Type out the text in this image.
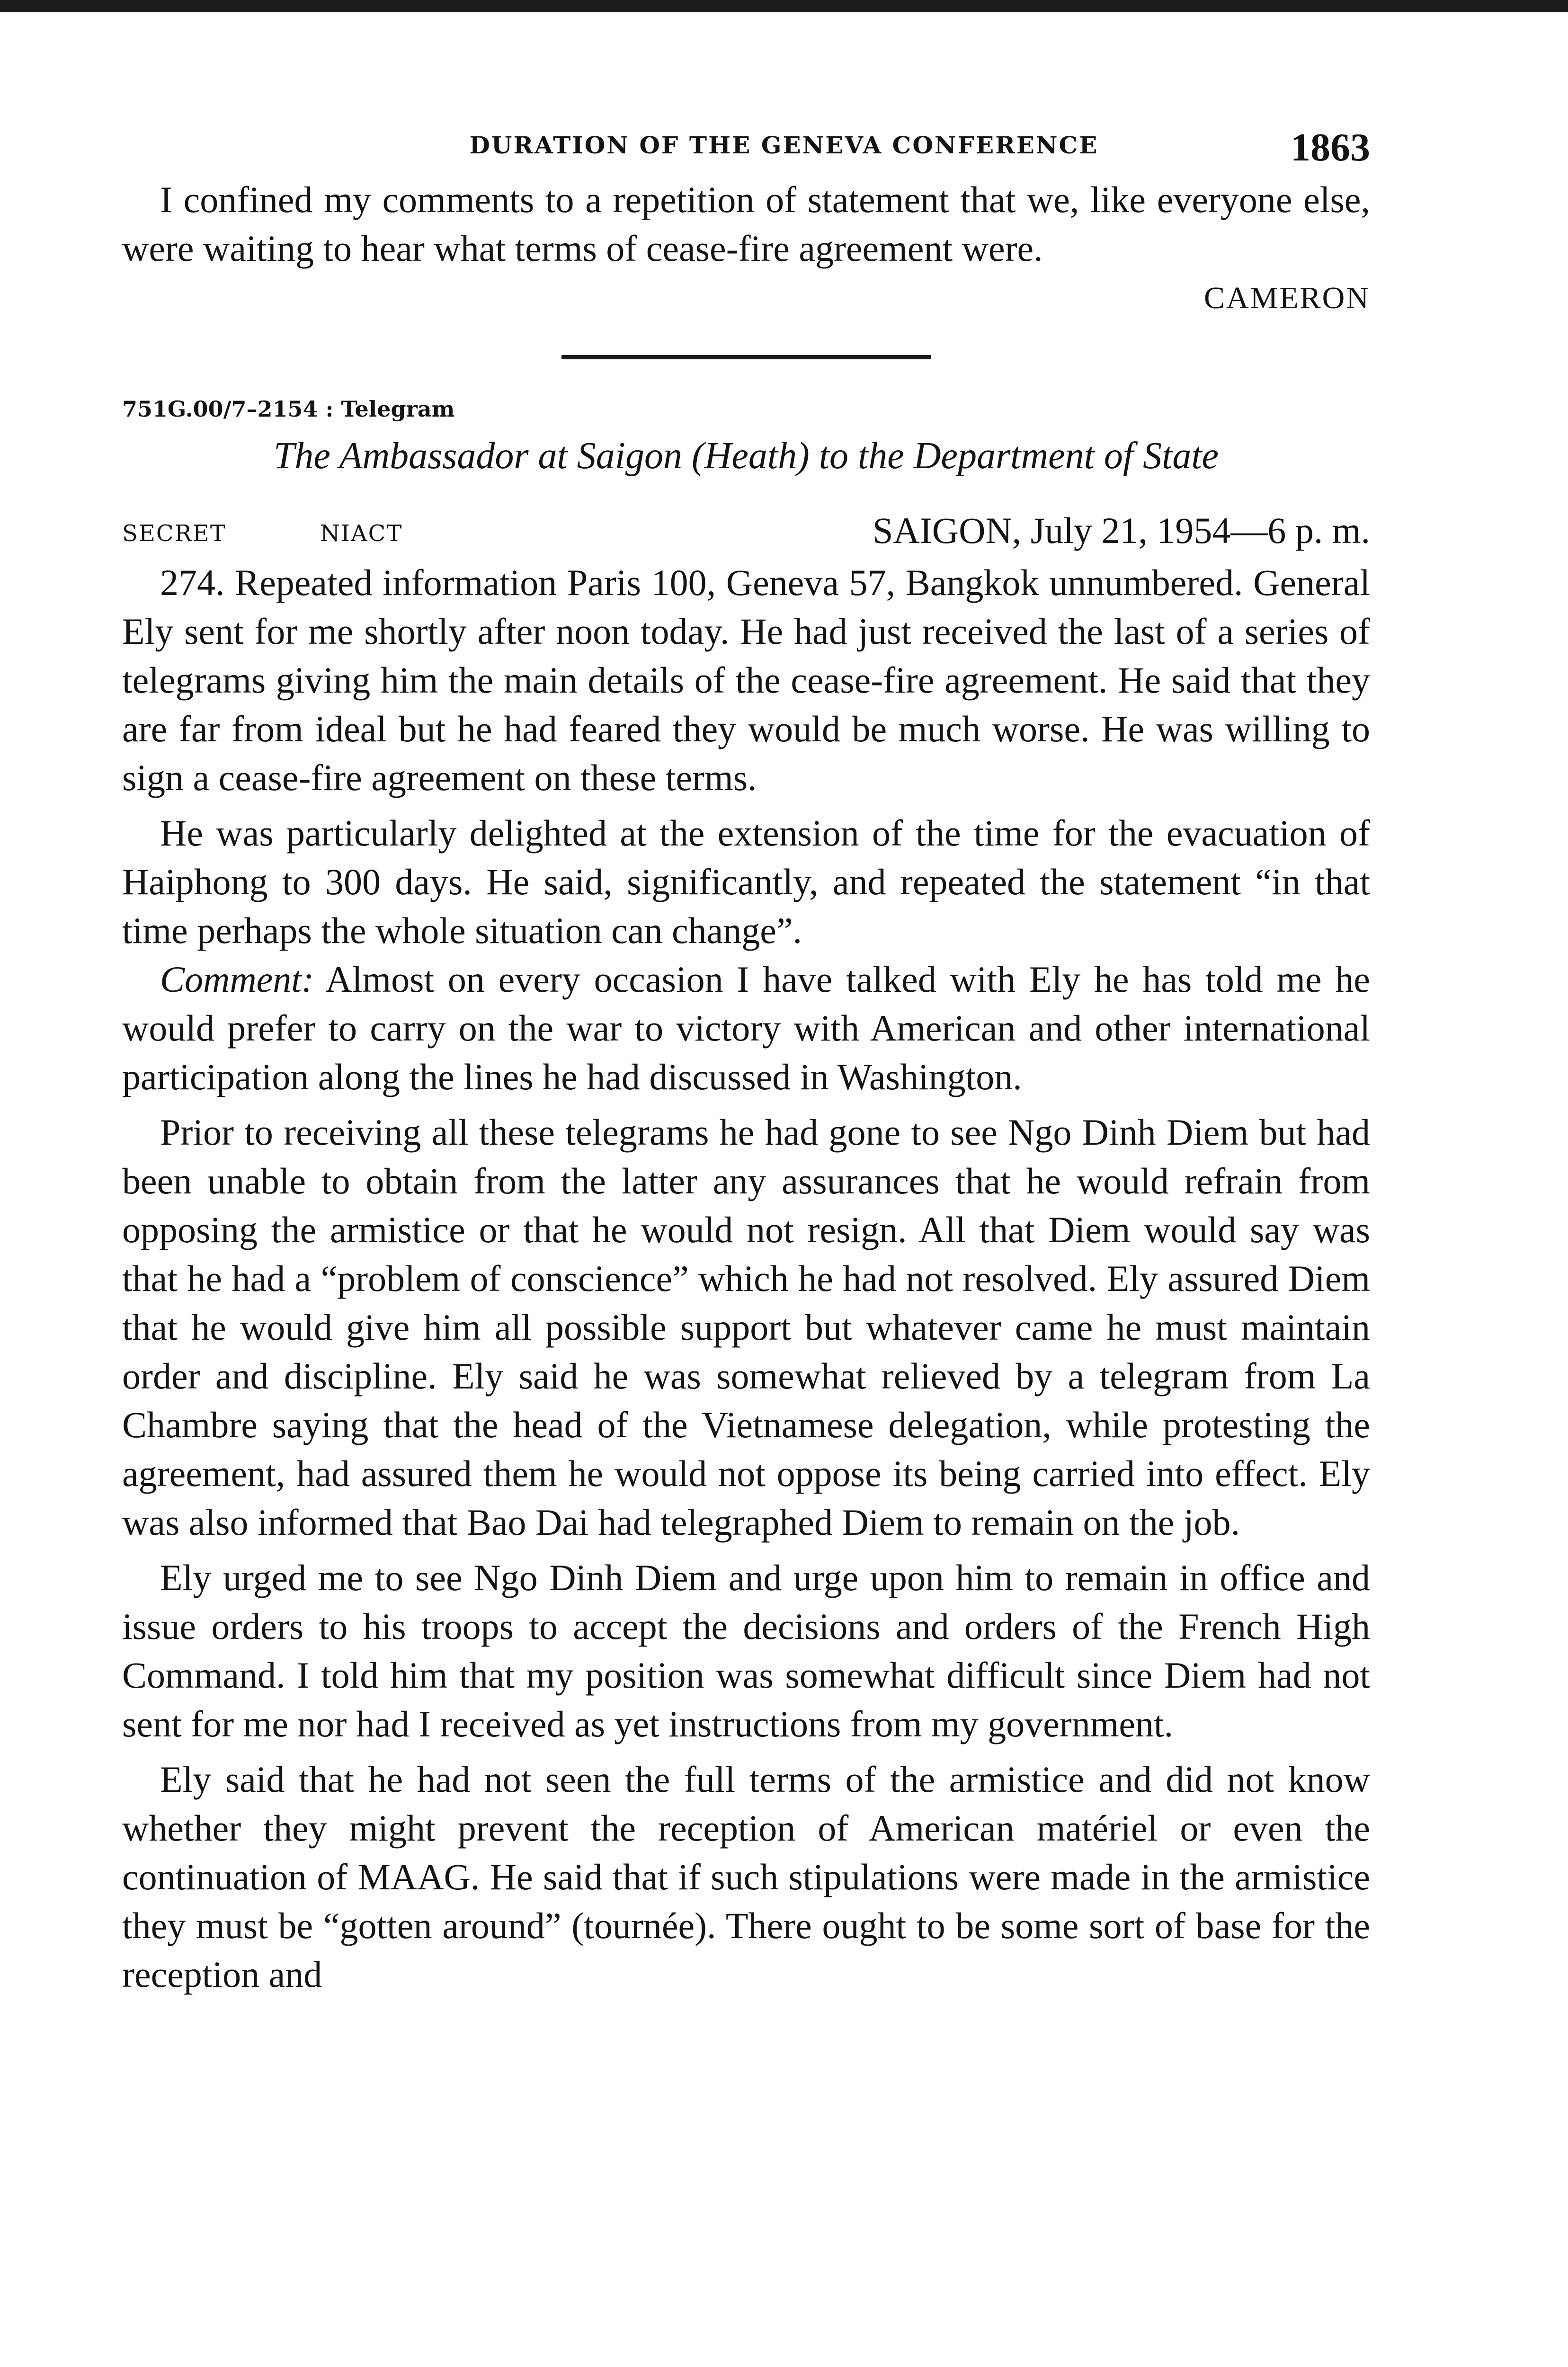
DURATION OF THE GENEVA CONFERENCE	1863

I confined my comments to a repetition of statement that we, like everyone else, were waiting to hear what terms of cease-fire agreement were.

CAMERON
751G.00/7–2154 : Telegram
The Ambassador at Saigon (Heath) to the Department of State
SECRET	NIACT	SAIGON, July 21, 1954—6 p. m.

274. Repeated information Paris 100, Geneva 57, Bangkok unnumbered. General Ely sent for me shortly after noon today. He had just received the last of a series of telegrams giving him the main details of the cease-fire agreement. He said that they are far from ideal but he had feared they would be much worse. He was willing to sign a cease-fire agreement on these terms.

He was particularly delighted at the extension of the time for the evacuation of Haiphong to 300 days. He said, significantly, and repeated the statement “in that time perhaps the whole situation can change”.

Comment: Almost on every occasion I have talked with Ely he has told me he would prefer to carry on the war to victory with American and other international participation along the lines he had discussed in Washington.

Prior to receiving all these telegrams he had gone to see Ngo Dinh Diem but had been unable to obtain from the latter any assurances that he would refrain from opposing the armistice or that he would not resign. All that Diem would say was that he had a “problem of conscience” which he had not resolved. Ely assured Diem that he would give him all possible support but whatever came he must maintain order and discipline. Ely said he was somewhat relieved by a telegram from La Chambre saying that the head of the Vietnamese delegation, while protesting the agreement, had assured them he would not oppose its being carried into effect. Ely was also informed that Bao Dai had telegraphed Diem to remain on the job.

Ely urged me to see Ngo Dinh Diem and urge upon him to remain in office and issue orders to his troops to accept the decisions and orders of the French High Command. I told him that my position was somewhat difficult since Diem had not sent for me nor had I received as yet instructions from my government.

Ely said that he had not seen the full terms of the armistice and did not know whether they might prevent the reception of American matériel or even the continuation of MAAG. He said that if such stipulations were made in the armistice they must be “gotten around” (tournée). There ought to be some sort of base for the reception and
